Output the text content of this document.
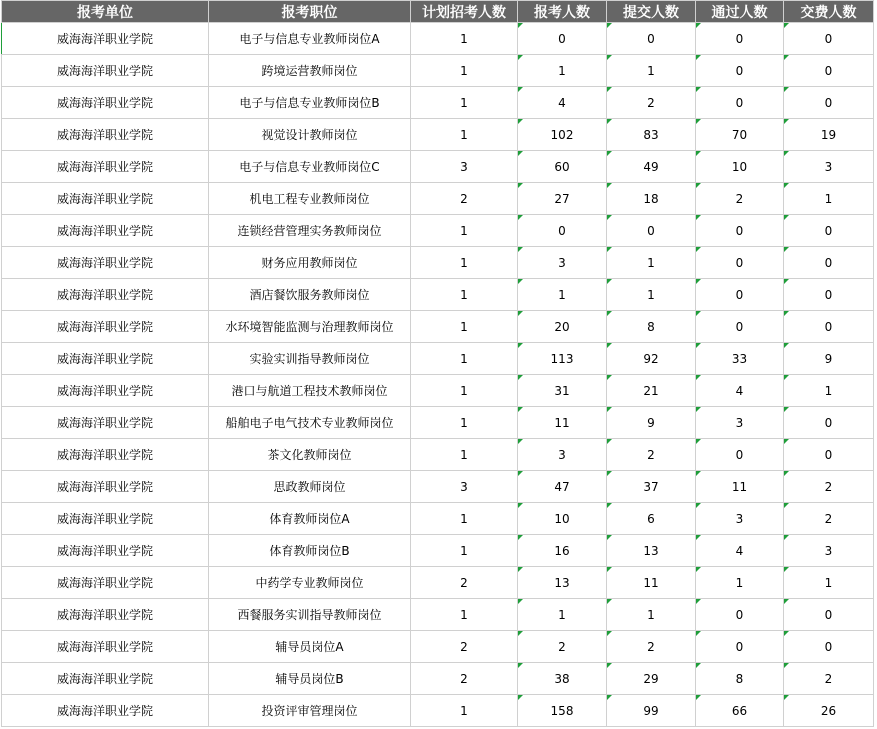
报考单位	报考职位	计划招考人数	报考人数	提交人数	通过人数	交费人数
威海海洋职业学院	电子与信息专业教师岗位A	1	0	0	0	0
威海海洋职业学院	跨境运营教师岗位	1	1	1	0	0
威海海洋职业学院	电子与信息专业教师岗位B	1	4	2	0	0
威海海洋职业学院	视觉设计教师岗位	1	102	83	70	19
威海海洋职业学院	电子与信息专业教师岗位C	3	60	49	10	3
威海海洋职业学院	机电工程专业教师岗位	2	27	18	2	1
威海海洋职业学院	连锁经营管理实务教师岗位	1	0	0	0	0
威海海洋职业学院	财务应用教师岗位	1	3	1	0	0
威海海洋职业学院	酒店餐饮服务教师岗位	1	1	1	0	0
威海海洋职业学院	水环境智能监测与治理教师岗位	1	20	8	0	0
威海海洋职业学院	实验实训指导教师岗位	1	113	92	33	9
威海海洋职业学院	港口与航道工程技术教师岗位	1	31	21	4	1
威海海洋职业学院	船舶电子电气技术专业教师岗位	1	11	9	3	0
威海海洋职业学院	茶文化教师岗位	1	3	2	0	0
威海海洋职业学院	思政教师岗位	3	47	37	11	2
威海海洋职业学院	体育教师岗位A	1	10	6	3	2
威海海洋职业学院	体育教师岗位B	1	16	13	4	3
威海海洋职业学院	中药学专业教师岗位	2	13	11	1	1
威海海洋职业学院	西餐服务实训指导教师岗位	1	1	1	0	0
威海海洋职业学院	辅导员岗位A	2	2	2	0	0
威海海洋职业学院	辅导员岗位B	2	38	29	8	2
威海海洋职业学院	投资评审管理岗位	1	158	99	66	26
